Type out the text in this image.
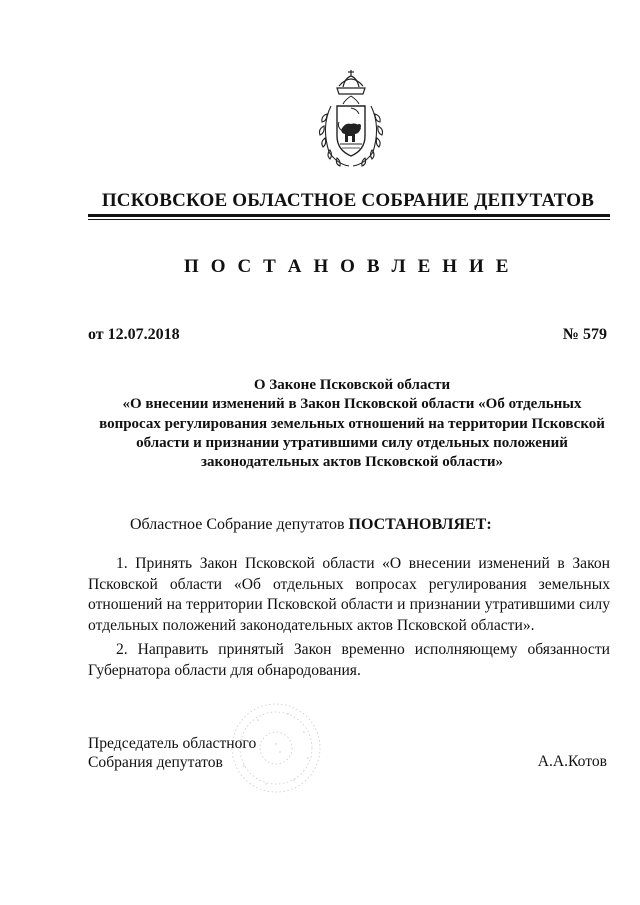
ПСКОВСКОЕ ОБЛАСТНОЕ СОБРАНИЕ ДЕПУТАТОВ
П О С Т А Н О В Л Е Н И Е
от 12.07.2018	№ 579
О Законе Псковской области
«О внесении изменений в Закон Псковской области «Об отдельных
вопросах регулирования земельных отношений на территории Псковской
области и признании утратившими силу отдельных положений
законодательных актов Псковской области»
Областное Собрание депутатов ПОСТАНОВЛЯЕТ:
1. Принять Закон Псковской области «О внесении изменений в Закон
Псковской области «Об отдельных вопросах регулирования земельных
отношений на территории Псковской области и признании утратившими силу
отдельных положений законодательных актов Псковской области».
2. Направить принятый Закон временно исполняющему обязанности
Губернатора области для обнародования.
Председатель областного
Собрания депутатов	А.А.Котов
